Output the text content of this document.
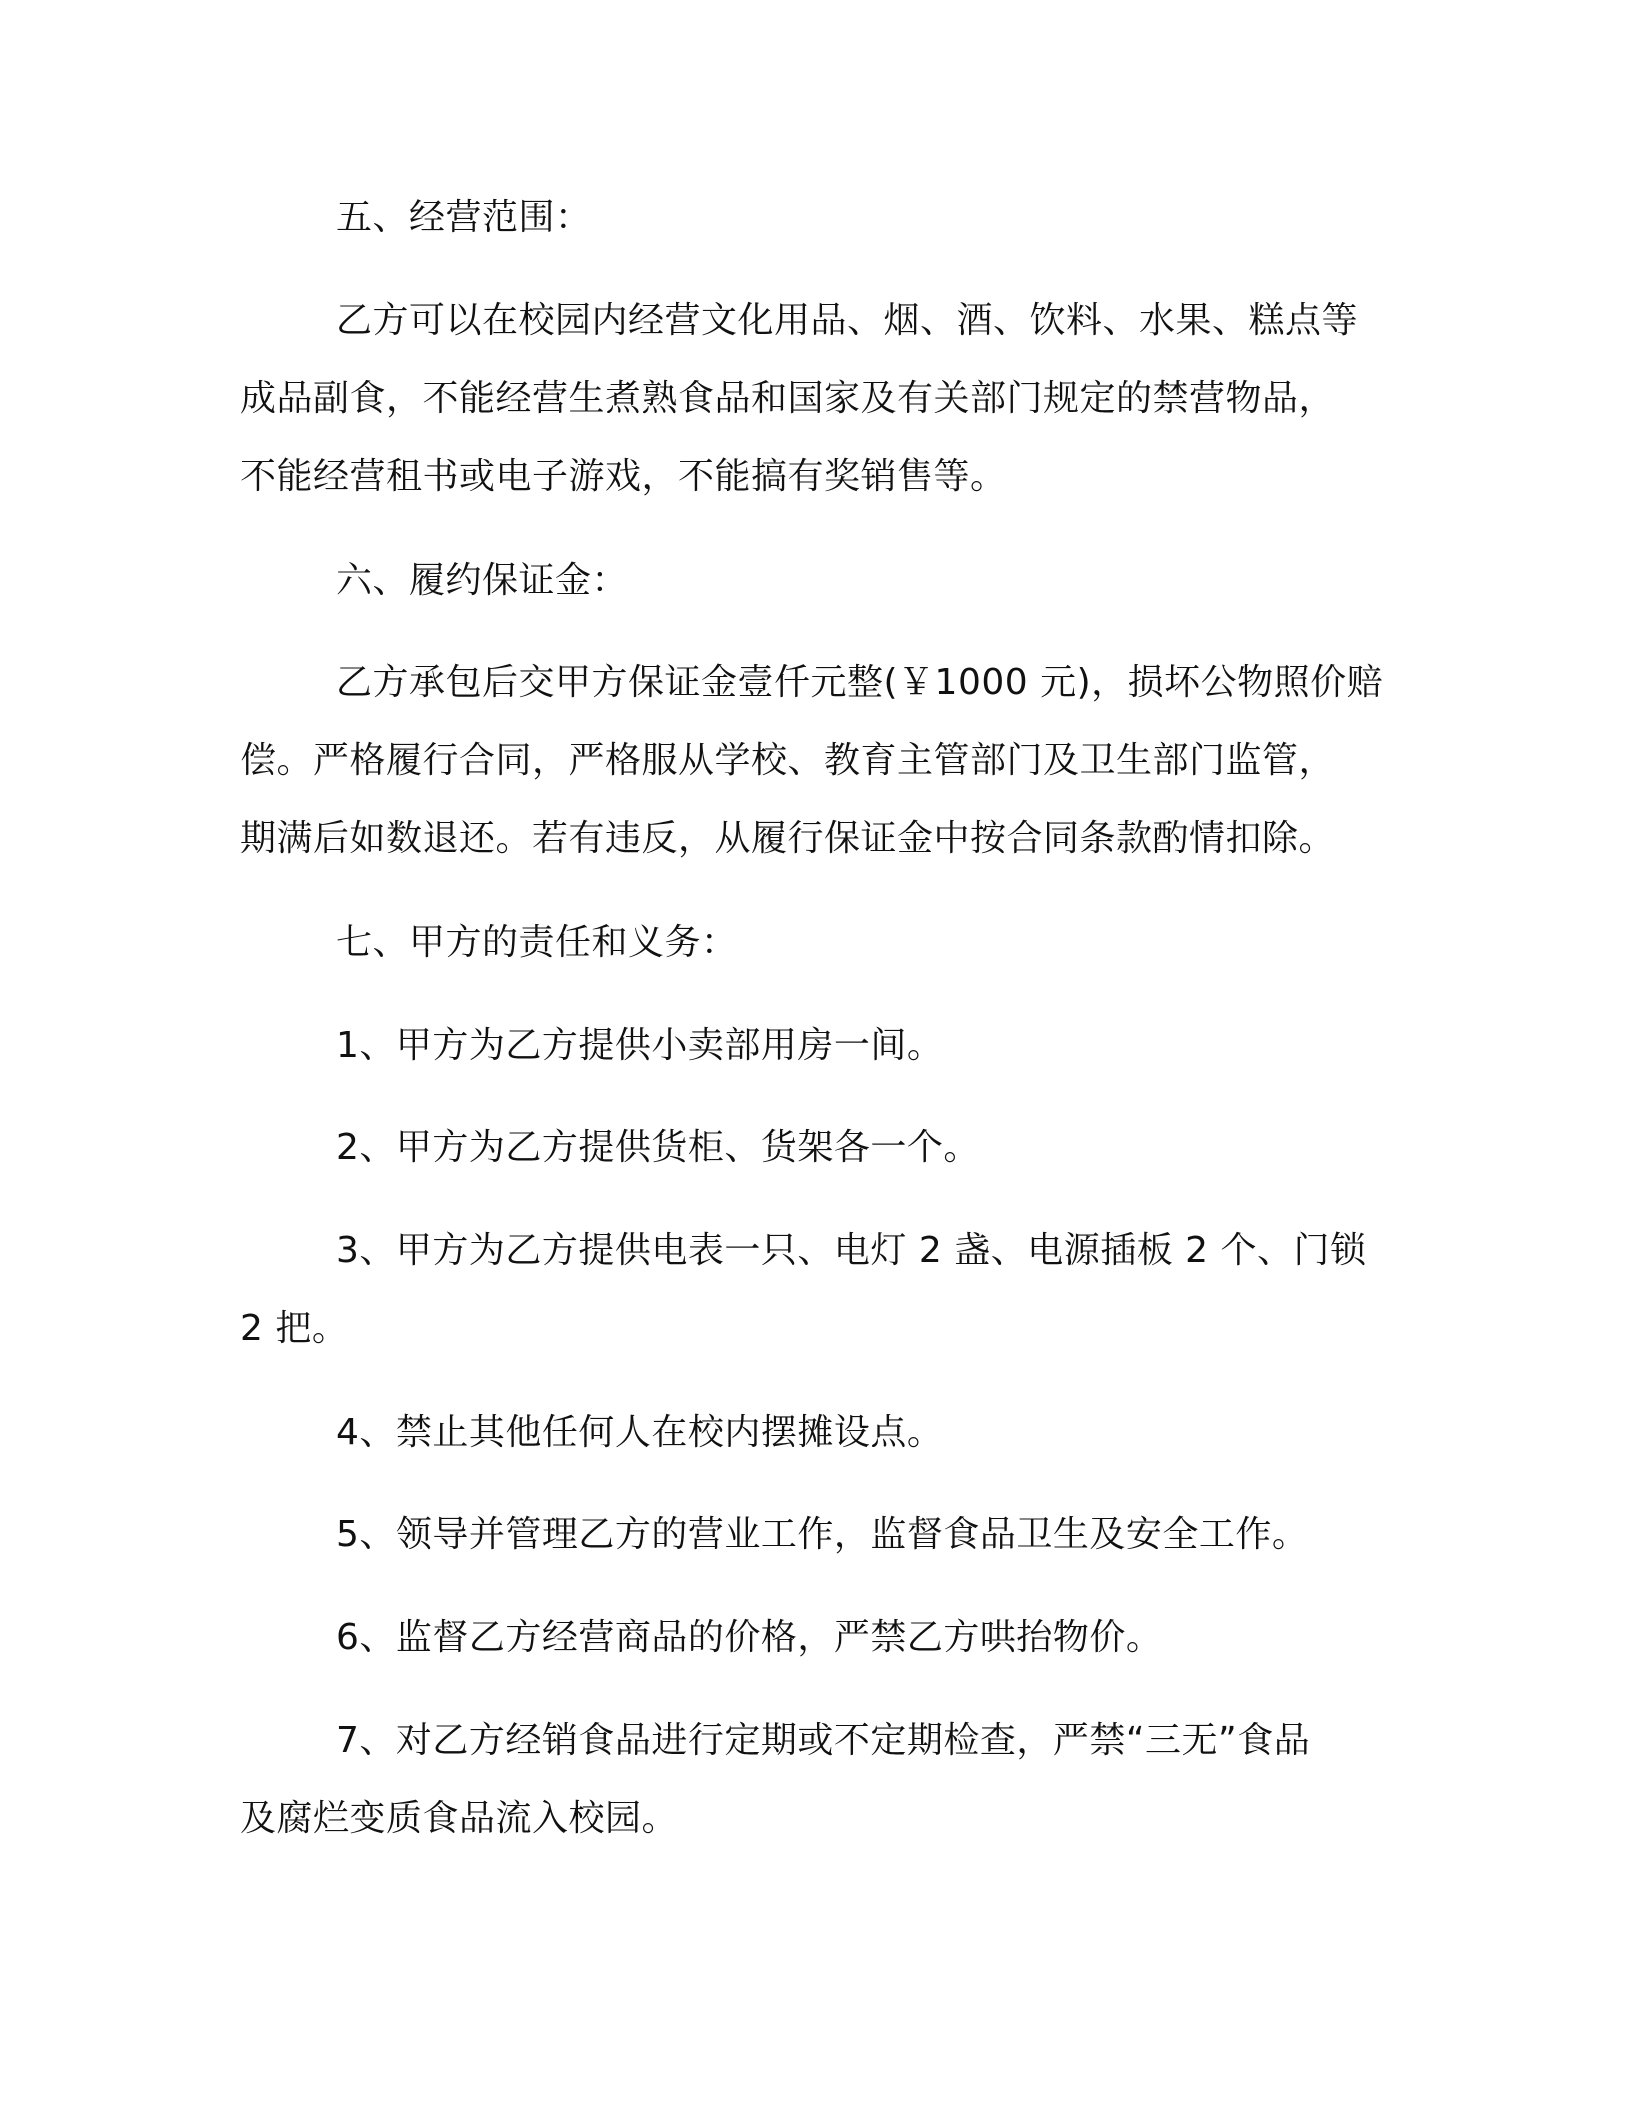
五、经营范围：

乙方可以在校园内经营文化用品、烟、酒、饮料、水果、糕点等

成品副食，不能经营生煮熟食品和国家及有关部门规定的禁营物品，

不能经营租书或电子游戏，不能搞有奖销售等。

六、履约保证金：

乙方承包后交甲方保证金壹仟元整(￥1000 元)，损坏公物照价赔

偿。严格履行合同，严格服从学校、教育主管部门及卫生部门监管，

期满后如数退还。若有违反，从履行保证金中按合同条款酌情扣除。

七、甲方的责任和义务：

1、甲方为乙方提供小卖部用房一间。

2、甲方为乙方提供货柜、货架各一个。

3、甲方为乙方提供电表一只、电灯 2 盏、电源插板 2 个、门锁

2 把。

4、禁止其他任何人在校内摆摊设点。

5、领导并管理乙方的营业工作，监督食品卫生及安全工作。

6、监督乙方经营商品的价格，严禁乙方哄抬物价。

7、对乙方经销食品进行定期或不定期检查，严禁“三无”食品

及腐烂变质食品流入校园。
